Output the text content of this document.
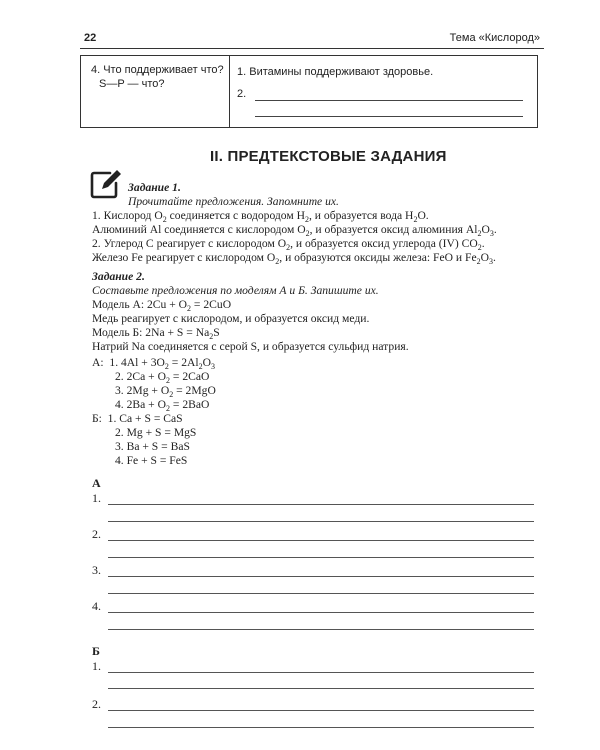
22	Тема «Кислород»
4. Что поддерживает что?
S—P — что?
1. Витамины поддерживают здоровье.
2.
II. ПРЕДТЕКСТОВЫЕ ЗАДАНИЯ
Задание 1.
Прочитайте предложения. Запомните их.
1. Кислород $O_2$ соединяется с водородом $H_2$, и образуется вода $H_2O$.
Алюминий Al соединяется с кислородом $O_2$, и образуется оксид алюминия $Al_2O_3$.
2. Углерод C реагирует с кислородом $O_2$, и образуется оксид углерода (IV) $CO_2$.
Железо Fe реагирует с кислородом $O_2$, и образуются оксиды железа: FeO и $Fe_2O_3$.
Задание 2.
Составьте предложения по моделям А и Б. Запишите их.
Модель А: $2Cu + O_2 = 2CuO$
Медь реагирует с кислородом, и образуется оксид меди.
Модель Б: $2Na + S = Na_2S$
Натрий Na соединяется с серой S, и образуется сульфид натрия.
А:  1. $4Al + 3O_2 = 2Al_2O_3$
2. $2Ca + O_2 = 2CaO$
3. $2Mg + O_2 = 2MgO$
4. $2Ba + O_2 = 2BaO$
Б:  1. Ca + S = CaS
2. Mg + S = MgS
3. Ba + S = BaS
4. Fe + S = FeS
А
1.
2.
3.
4.
Б
1.
2.
